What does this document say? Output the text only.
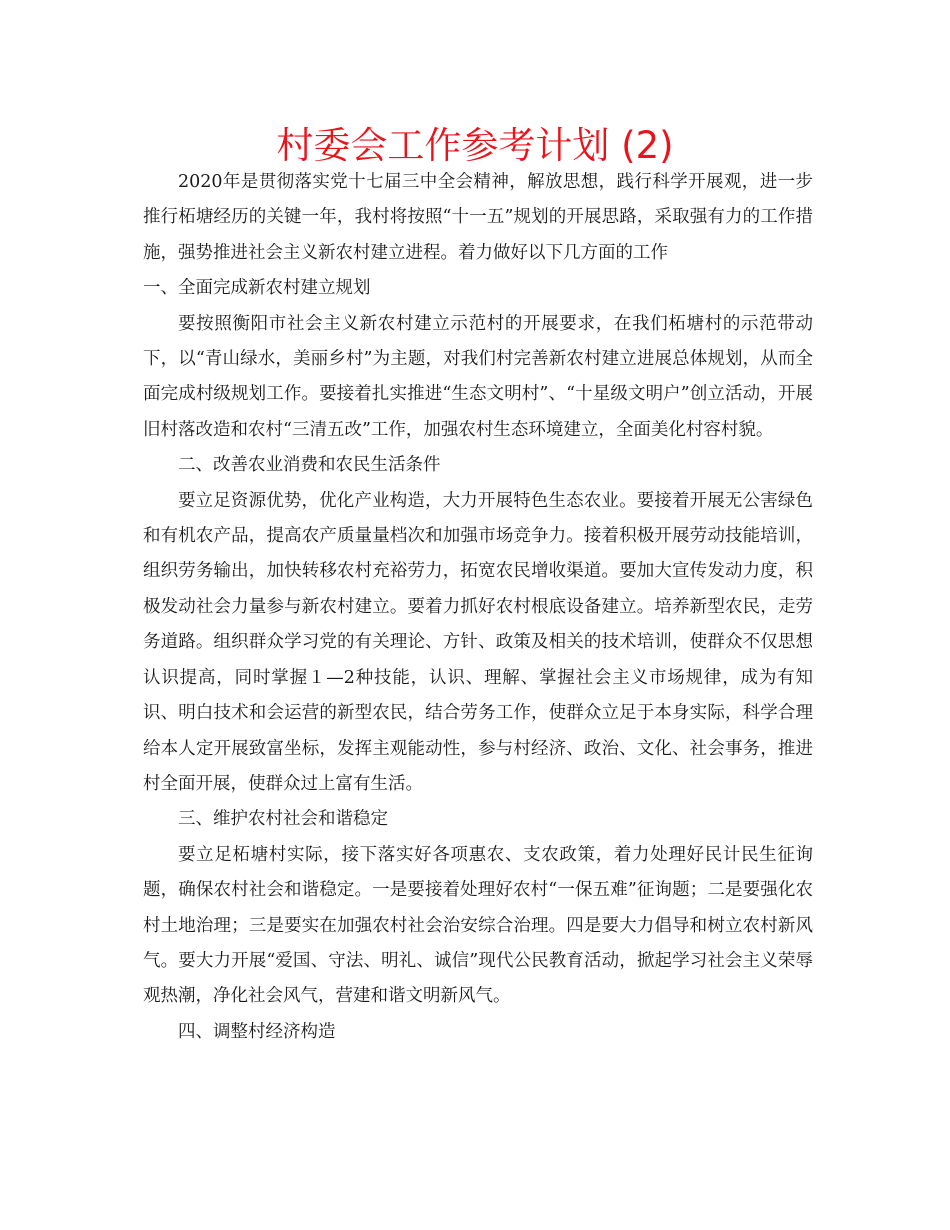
村委会工作参考计划 (2)

2020年是贯彻落实党十七届三中全会精神，解放思想，践行科学开展观，进一步推行柘塘经历的关键一年，我村将按照“十一五”规划的开展思路，采取强有力的工作措施，强势推进社会主义新农村建立进程。着力做好以下几方面的工作

一、全面完成新农村建立规划

要按照衡阳市社会主义新农村建立示范村的开展要求，在我们柘塘村的示范带动下，以“青山绿水，美丽乡村”为主题，对我们村完善新农村建立进展总体规划，从而全面完成村级规划工作。要接着扎实推进“生态文明村”、“十星级文明户”创立活动，开展旧村落改造和农村“三清五改”工作，加强农村生态环境建立，全面美化村容村貌。

二、改善农业消费和农民生活条件

要立足资源优势，优化产业构造，大力开展特色生态农业。要接着开展无公害绿色和有机农产品，提高农产质量量档次和加强市场竞争力。接着积极开展劳动技能培训，组织劳务输出，加快转移农村充裕劳力，拓宽农民增收渠道。要加大宣传发动力度，积极发动社会力量参与新农村建立。要着力抓好农村根底设备建立。培养新型农民，走劳务道路。组织群众学习党的有关理论、方针、政策及相关的技术培训，使群众不仅思想认识提高，同时掌握１—2种技能，认识、理解、掌握社会主义市场规律，成为有知识、明白技术和会运营的新型农民，结合劳务工作，使群众立足于本身实际，科学合理给本人定开展致富坐标，发挥主观能动性，参与村经济、政治、文化、社会事务，推进村全面开展，使群众过上富有生活。

三、维护农村社会和谐稳定

要立足柘塘村实际，接下落实好各项惠农、支农政策，着力处理好民计民生征询题，确保农村社会和谐稳定。一是要接着处理好农村“一保五难”征询题；二是要强化农村土地治理；三是要实在加强农村社会治安综合治理。四是要大力倡导和树立农村新风气。要大力开展“爱国、守法、明礼、诚信”现代公民教育活动，掀起学习社会主义荣辱观热潮，净化社会风气，营建和谐文明新风气。

四、调整村经济构造
